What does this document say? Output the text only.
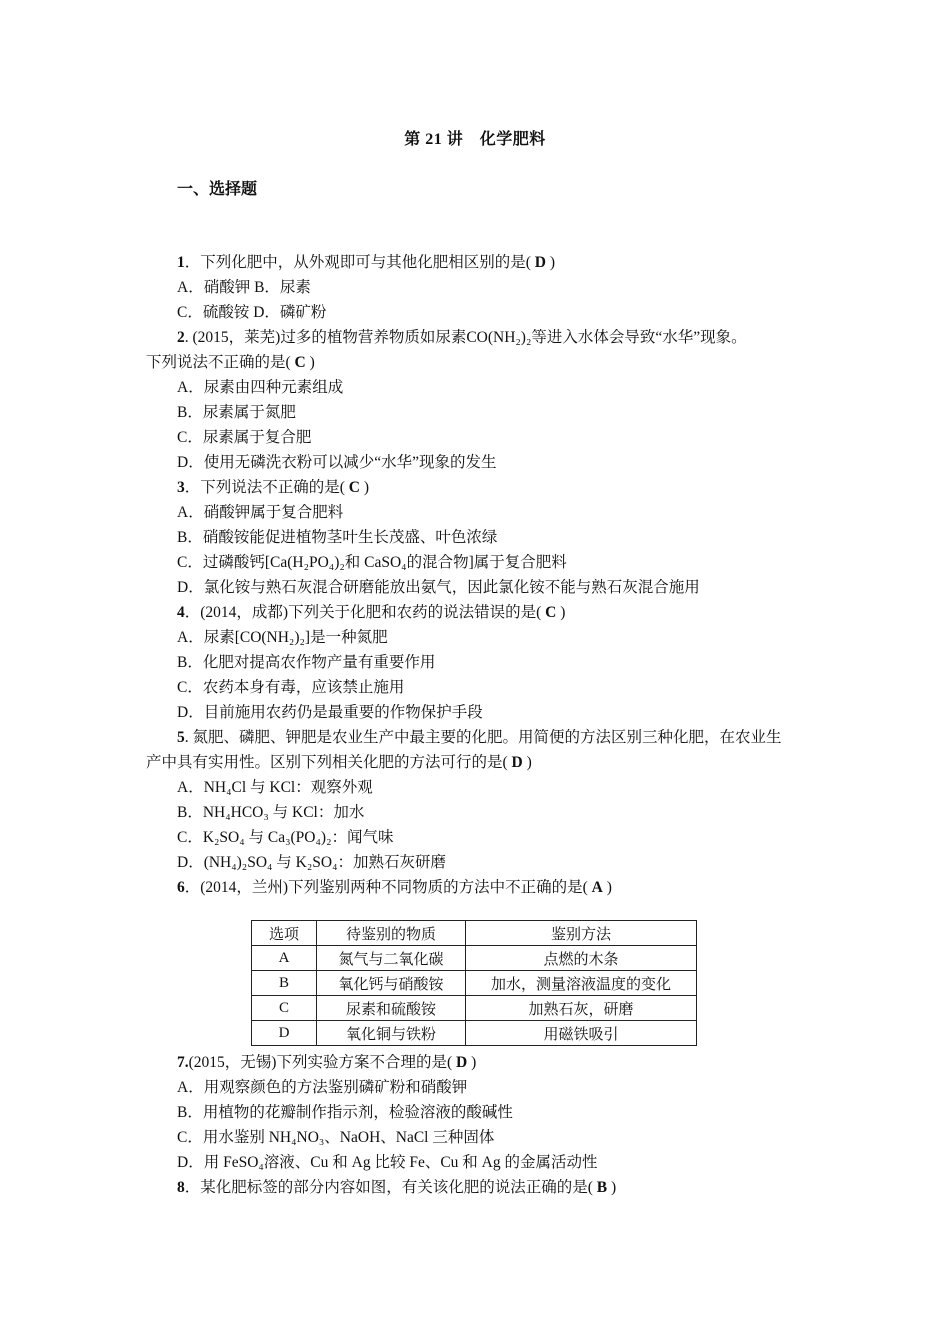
第 21 讲　化学肥料
一、选择题
1．下列化肥中，从外观即可与其他化肥相区别的是( D )
A．硝酸钾 B．尿素
C．硫酸铵 D．磷矿粉
2. (2015，莱芜)过多的植物营养物质如尿素CO(NH₂)₂等进入水体会导致“水华”现象。
下列说法不正确的是( C )
A．尿素由四种元素组成
B．尿素属于氮肥
C．尿素属于复合肥
D．使用无磷洗衣粉可以减少“水华”现象的发生
3．下列说法不正确的是( C )
A．硝酸钾属于复合肥料
B．硝酸铵能促进植物茎叶生长茂盛、叶色浓绿
C．过磷酸钙[Ca(H₂PO₄)₂和 CaSO₄的混合物]属于复合肥料
D．氯化铵与熟石灰混合研磨能放出氨气，因此氯化铵不能与熟石灰混合施用
4．(2014，成都)下列关于化肥和农药的说法错误的是( C )
A．尿素[CO(NH₂)₂]是一种氮肥
B．化肥对提高农作物产量有重要作用
C．农药本身有毒，应该禁止施用
D．目前施用农药仍是最重要的作物保护手段
5. 氮肥、磷肥、钾肥是农业生产中最主要的化肥。用简便的方法区别三种化肥，在农业生
产中具有实用性。区别下列相关化肥的方法可行的是( D )
A．NH₄Cl 与 KCl：观察外观
B．NH₄HCO₃ 与 KCl：加水
C．K₂SO₄ 与 Ca₃(PO₄)₂：闻气味
D．(NH₄)₂SO₄ 与 K₂SO₄：加熟石灰研磨
6．(2014，兰州)下列鉴别两种不同物质的方法中不正确的是( A )
选项	待鉴别的物质	鉴别方法
A	氮气与二氧化碳	点燃的木条
B	氧化钙与硝酸铵	加水，测量溶液温度的变化
C	尿素和硫酸铵	加熟石灰，研磨
D	氧化铜与铁粉	用磁铁吸引
7.(2015，无锡)下列实验方案不合理的是( D )
A．用观察颜色的方法鉴别磷矿粉和硝酸钾
B．用植物的花瓣制作指示剂，检验溶液的酸碱性
C．用水鉴别 NH₄NO₃、NaOH、NaCl 三种固体
D．用 FeSO₄溶液、Cu 和 Ag 比较 Fe、Cu 和 Ag 的金属活动性
8．某化肥标签的部分内容如图，有关该化肥的说法正确的是( B )
